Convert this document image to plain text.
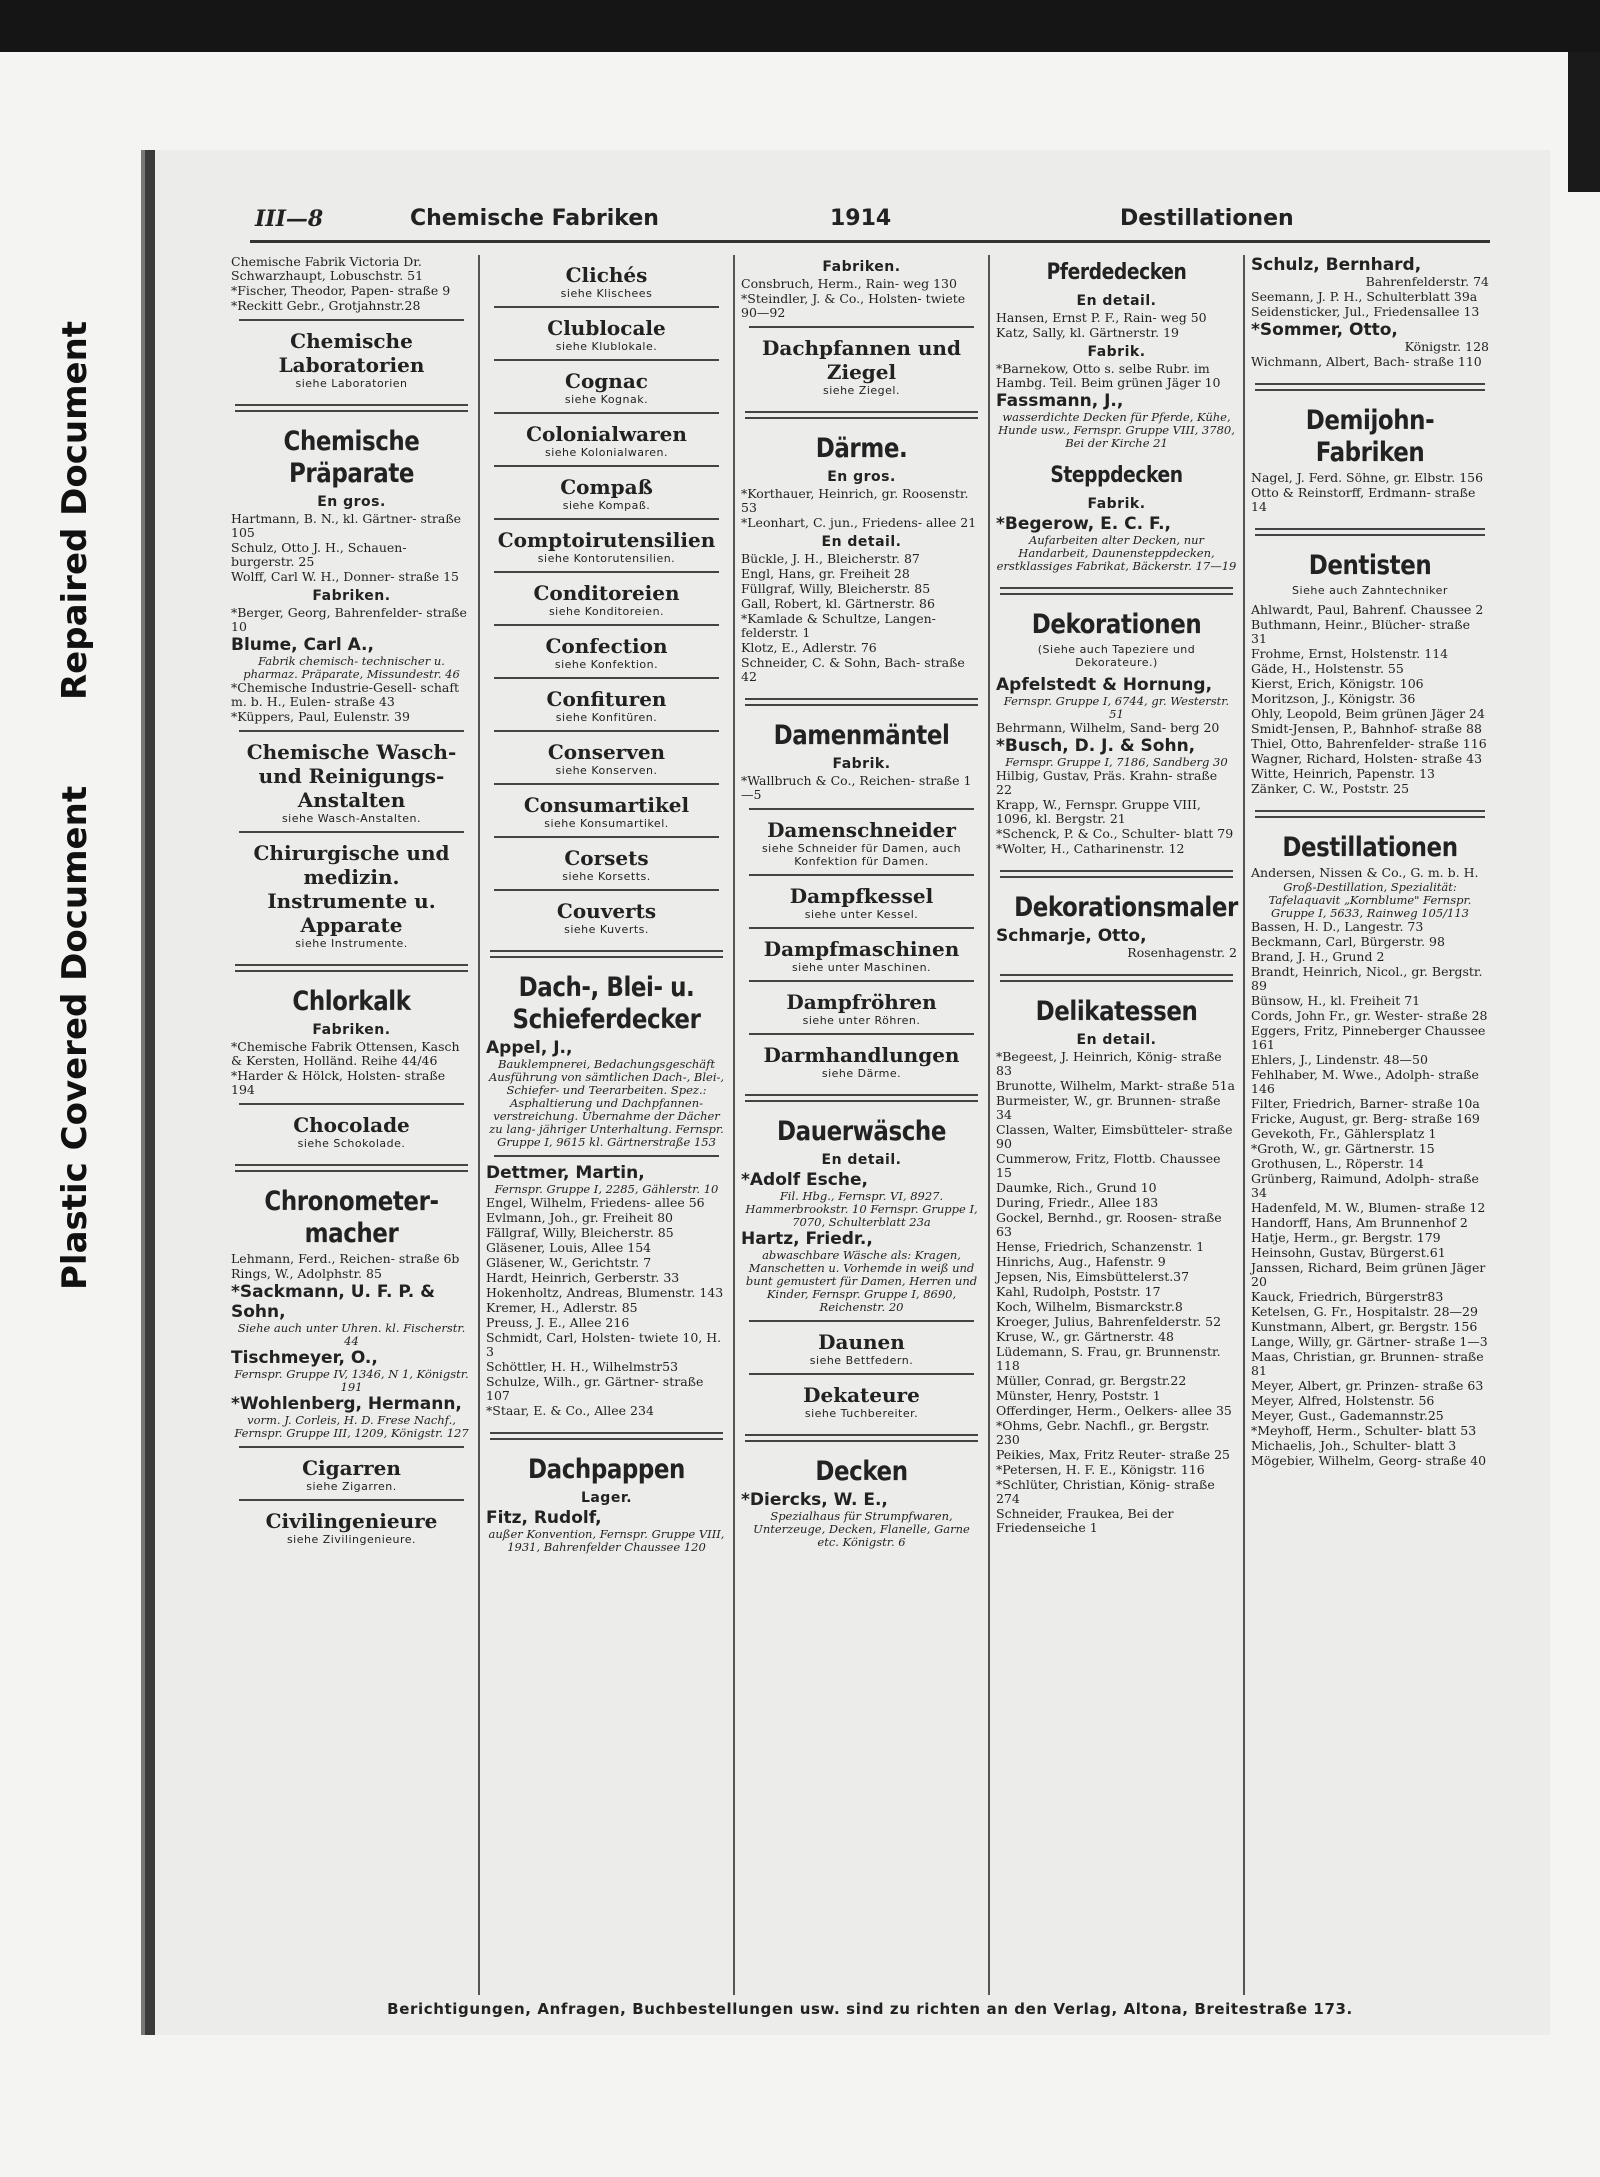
Repaired Document
Plastic Covered Document
III—8	Chemische Fabriken	1914	Destillationen
Chemische Fabrik Victoria Dr. Schwarzhaupt, Lobuschstr. 51
*Fischer, Theodor, Papen- straße 9
*Reckitt Gebr., Grotjahnstr.28
Chemische Laboratorien
siehe Laboratorien
Chemische Präparate
En gros.
Hartmann, B. N., kl. Gärtner- straße 105
Schulz, Otto J. H., Schauen- burgerstr. 25
Wolff, Carl W. H., Donner- straße 15
Fabriken.
*Berger, Georg, Bahrenfelder- straße 10
Blume, Carl A.,
Fabrik chemisch- technischer u. pharmaz. Präparate, Missundestr. 46
*Chemische Industrie-Gesell- schaft m. b. H., Eulen- straße 43
*Küppers, Paul, Eulenstr. 39
Chemische Wasch- und Reinigungs-Anstalten
siehe Wasch-Anstalten.
Chirurgische und medizin. Instrumente u. Apparate
siehe Instrumente.
Chlorkalk
Fabriken.
*Chemische Fabrik Ottensen, Kasch & Kersten, Holländ. Reihe 44/46
*Harder & Hölck, Holsten- straße 194
Chocolade
siehe Schokolade.
Chronometer- macher
Lehmann, Ferd., Reichen- straße 6b
Rings, W., Adolphstr. 85
*Sackmann, U. F. P. & Sohn,
Siehe auch unter Uhren. kl. Fischerstr. 44
Tischmeyer, O.,
Fernspr. Gruppe IV, 1346, N 1, Königstr. 191
*Wohlenberg, Hermann,
vorm. J. Corleis, H. D. Frese Nachf., Fernspr. Gruppe III, 1209, Königstr. 127
Cigarren
siehe Zigarren.
Civilingenieure
siehe Zivilingenieure.
Clichés
siehe Klischees
Clublocale
siehe Klublokale.
Cognac
siehe Kognak.
Colonialwaren
siehe Kolonialwaren.
Compaß
siehe Kompaß.
Comptoirutensilien
siehe Kontorutensilien.
Conditoreien
siehe Konditoreien.
Confection
siehe Konfektion.
Confituren
siehe Konfitüren.
Conserven
siehe Konserven.
Consumartikel
siehe Konsumartikel.
Corsets
siehe Korsetts.
Couverts
siehe Kuverts.
Dach-, Blei- u. Schieferdecker
Appel, J.,
Bauklempnerei, Bedachungsgeschäft Ausführung von sämtlichen Dach-, Blei-, Schiefer- und Teerarbeiten. Spez.: Asphaltierung und Dachpfannen- verstreichung. Übernahme der Dächer zu lang- jähriger Unterhaltung. Fernspr. Gruppe I, 9615 kl. Gärtnerstraße 153
Dettmer, Martin,
Fernspr. Gruppe I, 2285, Gählerstr. 10
Engel, Wilhelm, Friedens- allee 56
Evlmann, Joh., gr. Freiheit 80
Fällgraf, Willy, Bleicherstr. 85
Gläsener, Louis, Allee 154
Gläsener, W., Gerichtstr. 7
Hardt, Heinrich, Gerberstr. 33
Hokenholtz, Andreas, Blumenstr. 143
Kremer, H., Adlerstr. 85
Preuss, J. E., Allee 216
Schmidt, Carl, Holsten- twiete 10, H. 3
Schöttler, H. H., Wilhelmstr53
Schulze, Wilh., gr. Gärtner- straße 107
*Staar, E. & Co., Allee 234
Dachpappen
Lager.
Fitz, Rudolf,
außer Konvention, Fernspr. Gruppe VIII, 1931, Bahrenfelder Chaussee 120
Fabriken.
Consbruch, Herm., Rain- weg 130
*Steindler, J. & Co., Holsten- twiete 90—92
Dachpfannen und Ziegel
siehe Ziegel.
Därme.
En gros.
*Korthauer, Heinrich, gr. Roosenstr. 53
*Leonhart, C. jun., Friedens- allee 21
En detail.
Bückle, J. H., Bleicherstr. 87
Engl, Hans, gr. Freiheit 28
Füllgraf, Willy, Bleicherstr. 85
Gall, Robert, kl. Gärtnerstr. 86
*Kamlade & Schultze, Langen- felderstr. 1
Klotz, E., Adlerstr. 76
Schneider, C. & Sohn, Bach- straße 42
Damenmäntel
Fabrik.
*Wallbruch & Co., Reichen- straße 1—5
Damenschneider
siehe Schneider für Damen, auch Konfektion für Damen.
Dampfkessel
siehe unter Kessel.
Dampfmaschinen
siehe unter Maschinen.
Dampfröhren
siehe unter Röhren.
Darmhandlungen
siehe Därme.
Dauerwäsche
En detail.
*Adolf Esche,
Fil. Hbg., Fernspr. VI, 8927. Hammerbrookstr. 10 Fernspr. Gruppe I, 7070, Schulterblatt 23a
Hartz, Friedr.,
abwaschbare Wäsche als: Kragen, Manschetten u. Vorhemde in weiß und bunt gemustert für Damen, Herren und Kinder, Fernspr. Gruppe I, 8690, Reichenstr. 20
Daunen
siehe Bettfedern.
Dekateure
siehe Tuchbereiter.
Decken
*Diercks, W. E.,
Spezialhaus für Strumpfwaren, Unterzeuge, Decken, Flanelle, Garne etc. Königstr. 6
Pferdedecken
En detail.
Hansen, Ernst P. F., Rain- weg 50
Katz, Sally, kl. Gärtnerstr. 19
Fabrik.
*Barnekow, Otto s. selbe Rubr. im Hambg. Teil. Beim grünen Jäger 10
Fassmann, J.,
wasserdichte Decken für Pferde, Kühe, Hunde usw., Fernspr. Gruppe VIII, 3780, Bei der Kirche 21
Steppdecken
Fabrik.
*Begerow, E. C. F.,
Aufarbeiten alter Decken, nur Handarbeit, Daunensteppdecken, erstklassiges Fabrikat, Bäckerstr. 17—19
Dekorationen
(Siehe auch Tapeziere und Dekorateure.)
Apfelstedt & Hornung,
Fernspr. Gruppe I, 6744, gr. Westerstr. 51
Behrmann, Wilhelm, Sand- berg 20
*Busch, D. J. & Sohn,
Fernspr. Gruppe I, 7186, Sandberg 30
Hilbig, Gustav, Präs. Krahn- straße 22
Krapp, W., Fernspr. Gruppe VIII, 1096, kl. Bergstr. 21
*Schenck, P. & Co., Schulter- blatt 79
*Wolter, H., Catharinenstr. 12
Dekorationsmaler
Schmarje, Otto,
Rosenhagenstr. 2
Delikatessen
En detail.
*Begeest, J. Heinrich, König- straße 83
Brunotte, Wilhelm, Markt- straße 51a
Burmeister, W., gr. Brunnen- straße 34
Classen, Walter, Eimsbütteler- straße 90
Cummerow, Fritz, Flottb. Chaussee 15
Daumke, Rich., Grund 10
During, Friedr., Allee 183
Gockel, Bernhd., gr. Roosen- straße 63
Hense, Friedrich, Schanzenstr. 1
Hinrichs, Aug., Hafenstr. 9
Jepsen, Nis, Eimsbüttelerst.37
Kahl, Rudolph, Poststr. 17
Koch, Wilhelm, Bismarckstr.8
Kroeger, Julius, Bahrenfelderstr. 52
Kruse, W., gr. Gärtnerstr. 48
Lüdemann, S. Frau, gr. Brunnenstr. 118
Müller, Conrad, gr. Bergstr.22
Münster, Henry, Poststr. 1
Offerdinger, Herm., Oelkers- allee 35
*Ohms, Gebr. Nachfl., gr. Bergstr. 230
Peikies, Max, Fritz Reuter- straße 25
*Petersen, H. F. E., Königstr. 116
*Schlüter, Christian, König- straße 274
Schneider, Fraukea, Bei der Friedenseiche 1
Schulz, Bernhard,
Bahrenfelderstr. 74
Seemann, J. P. H., Schulterblatt 39a
Seidensticker, Jul., Friedensallee 13
*Sommer, Otto,
Königstr. 128
Wichmann, Albert, Bach- straße 110
Demijohn-Fabriken
Nagel, J. Ferd. Söhne, gr. Elbstr. 156
Otto & Reinstorff, Erdmann- straße 14
Dentisten
Siehe auch Zahntechniker
Ahlwardt, Paul, Bahrenf. Chaussee 2
Buthmann, Heinr., Blücher- straße 31
Frohme, Ernst, Holstenstr. 114
Gäde, H., Holstenstr. 55
Kierst, Erich, Königstr. 106
Moritzson, J., Königstr. 36
Ohly, Leopold, Beim grünen Jäger 24
Smidt-Jensen, P., Bahnhof- straße 88
Thiel, Otto, Bahrenfelder- straße 116
Wagner, Richard, Holsten- straße 43
Witte, Heinrich, Papenstr. 13
Zänker, C. W., Poststr. 25
Destillationen
Andersen, Nissen & Co., G. m. b. H.
Groß-Destillation, Spezialität: Tafelaquavit „Kornblume" Fernspr. Gruppe I, 5633, Rainweg 105/113
Bassen, H. D., Langestr. 73
Beckmann, Carl, Bürgerstr. 98
Brand, J. H., Grund 2
Brandt, Heinrich, Nicol., gr. Bergstr. 89
Bünsow, H., kl. Freiheit 71
Cords, John Fr., gr. Wester- straße 28
Eggers, Fritz, Pinneberger Chaussee 161
Ehlers, J., Lindenstr. 48—50
Fehlhaber, M. Wwe., Adolph- straße 146
Filter, Friedrich, Barner- straße 10a
Fricke, August, gr. Berg- straße 169
Gevekoth, Fr., Gählersplatz 1
*Groth, W., gr. Gärtnerstr. 15
Grothusen, L., Röperstr. 14
Grünberg, Raimund, Adolph- straße 34
Hadenfeld, M. W., Blumen- straße 12
Handorff, Hans, Am Brunnenhof 2
Hatje, Herm., gr. Bergstr. 179
Heinsohn, Gustav, Bürgerst.61
Janssen, Richard, Beim grünen Jäger 20
Kauck, Friedrich, Bürgerstr83
Ketelsen, G. Fr., Hospitalstr. 28—29
Kunstmann, Albert, gr. Bergstr. 156
Lange, Willy, gr. Gärtner- straße 1—3
Maas, Christian, gr. Brunnen- straße 81
Meyer, Albert, gr. Prinzen- straße 63
Meyer, Alfred, Holstenstr. 56
Meyer, Gust., Gademannstr.25
*Meyhoff, Herm., Schulter- blatt 53
Michaelis, Joh., Schulter- blatt 3
Mögebier, Wilhelm, Georg- straße 40
Berichtigungen, Anfragen, Buchbestellungen usw. sind zu richten an den Verlag, Altona, Breitestraße 173.
